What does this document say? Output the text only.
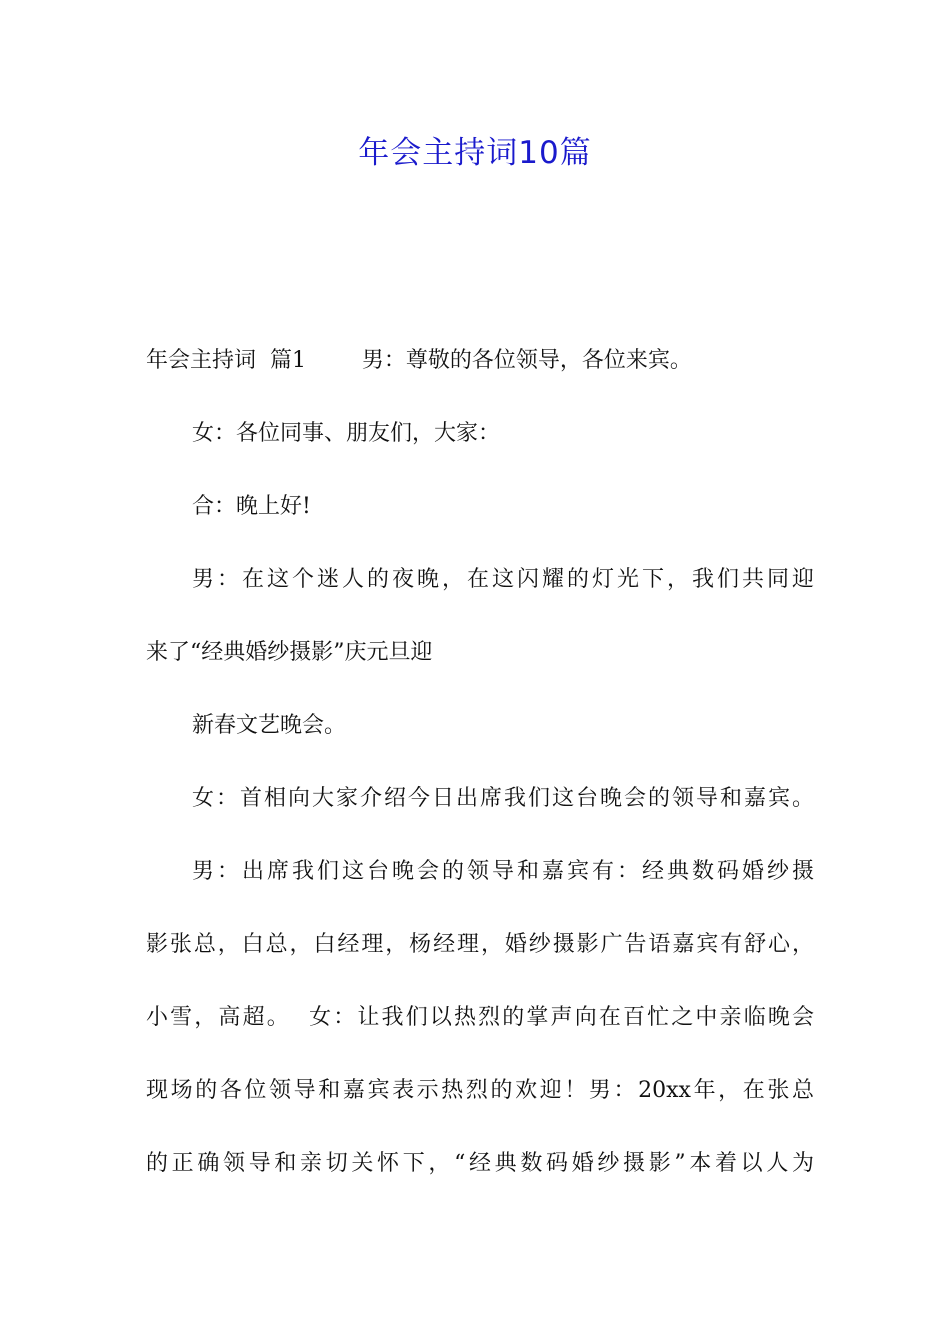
年会主持词10篇
年会主持词  篇1        男：尊敬的各位领导，各位来宾。
女：各位同事、朋友们，大家：
合：晚上好!
男：在这个迷人的夜晚，在这闪耀的灯光下，我们共同迎
来了“经典婚纱摄影”庆元旦迎
新春文艺晚会。
女：首相向大家介绍今日出席我们这台晚会的领导和嘉宾。
男：出席我们这台晚会的领导和嘉宾有：经典数码婚纱摄
影张总，白总，白经理，杨经理，婚纱摄影广告语嘉宾有舒心，
小雪，高超。  女：让我们以热烈的掌声向在百忙之中亲临晚会
现场的各位领导和嘉宾表示热烈的欢迎！男：20xx年，在张总
的正确领导和亲切关怀下，“经典数码婚纱摄影”本着以人为
